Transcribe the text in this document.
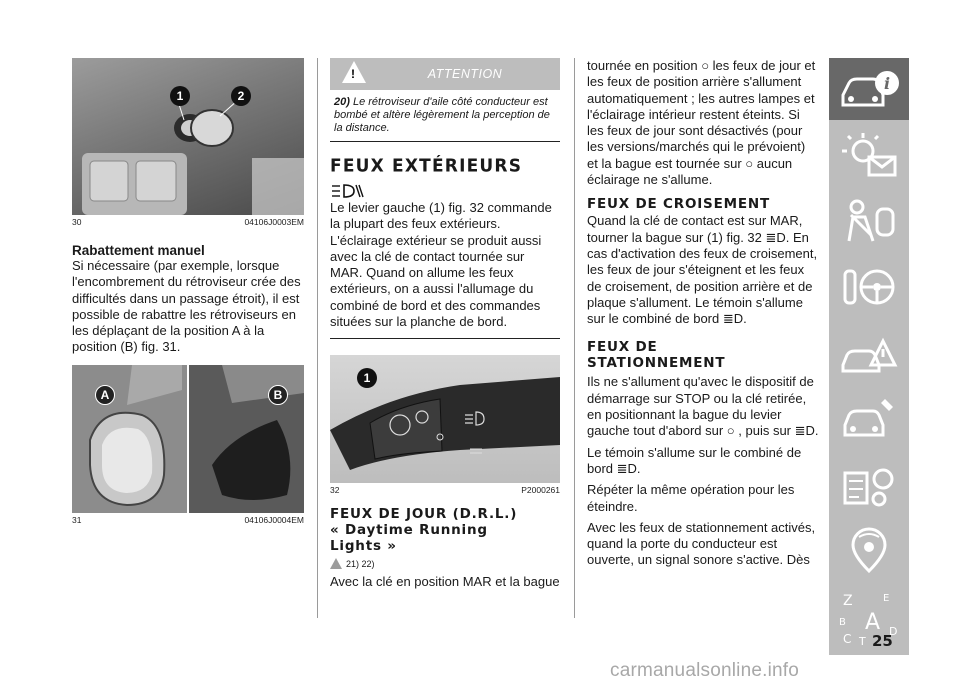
1	2
30	04106J0003EM
Rabattement manuel
Si nécessaire (par exemple, lorsque l'encombrement du rétroviseur crée des difficultés dans un passage étroit), il est possible de rabattre les rétroviseurs en les déplaçant de la position A à la position (B) fig. 31.
A	B
31	04106J0004EM
!
ATTENTION
20) Le rétroviseur d'aile côté conducteur est bombé et altère légèrement la perception de la distance.
FEUX EXTÉRIEURS
Le levier gauche (1) fig. 32 commande la plupart des feux extérieurs. L'éclairage extérieur se produit aussi avec la clé de contact tournée sur MAR. Quand on allume les feux extérieurs, on a aussi l'allumage du combiné de bord et des commandes situées sur la planche de bord.
1
32	P2000261
FEUX DE JOUR (D.R.L.) « Daytime Running Lights »
21) 22)
Avec la clé en position MAR et la bague
tournée en position ○ les feux de jour et les feux de position arrière s'allument automatiquement ; les autres lampes et l'éclairage intérieur restent éteints. Si les feux de jour sont désactivés (pour les versions/marchés qui le prévoient) et la bague est tournée sur ○ aucun éclairage ne s'allume.
FEUX DE CROISEMENT
Quand la clé de contact est sur MAR, tourner la bague sur (1) fig. 32 ≣D. En cas d'activation des feux de croisement, les feux de jour s'éteignent et les feux de croisement, de position arrière et de plaque s'allument. Le témoin s'allume sur le combiné de bord ≣D.
FEUX DE STATIONNEMENT
Ils ne s'allument qu'avec le dispositif de démarrage sur STOP ou la clé retirée, en positionnant la bague du levier gauche tout d'abord sur ○ , puis sur ≣D.
Le témoin s'allume sur le combiné de bord ≣D.
Répéter la même opération pour les éteindre.
Avec les feux de stationnement activés, quand la porte du conducteur est ouverte, un signal sonore s'active. Dès
i
Z	E
B A
C T
D
25
carmanualsonline.info
